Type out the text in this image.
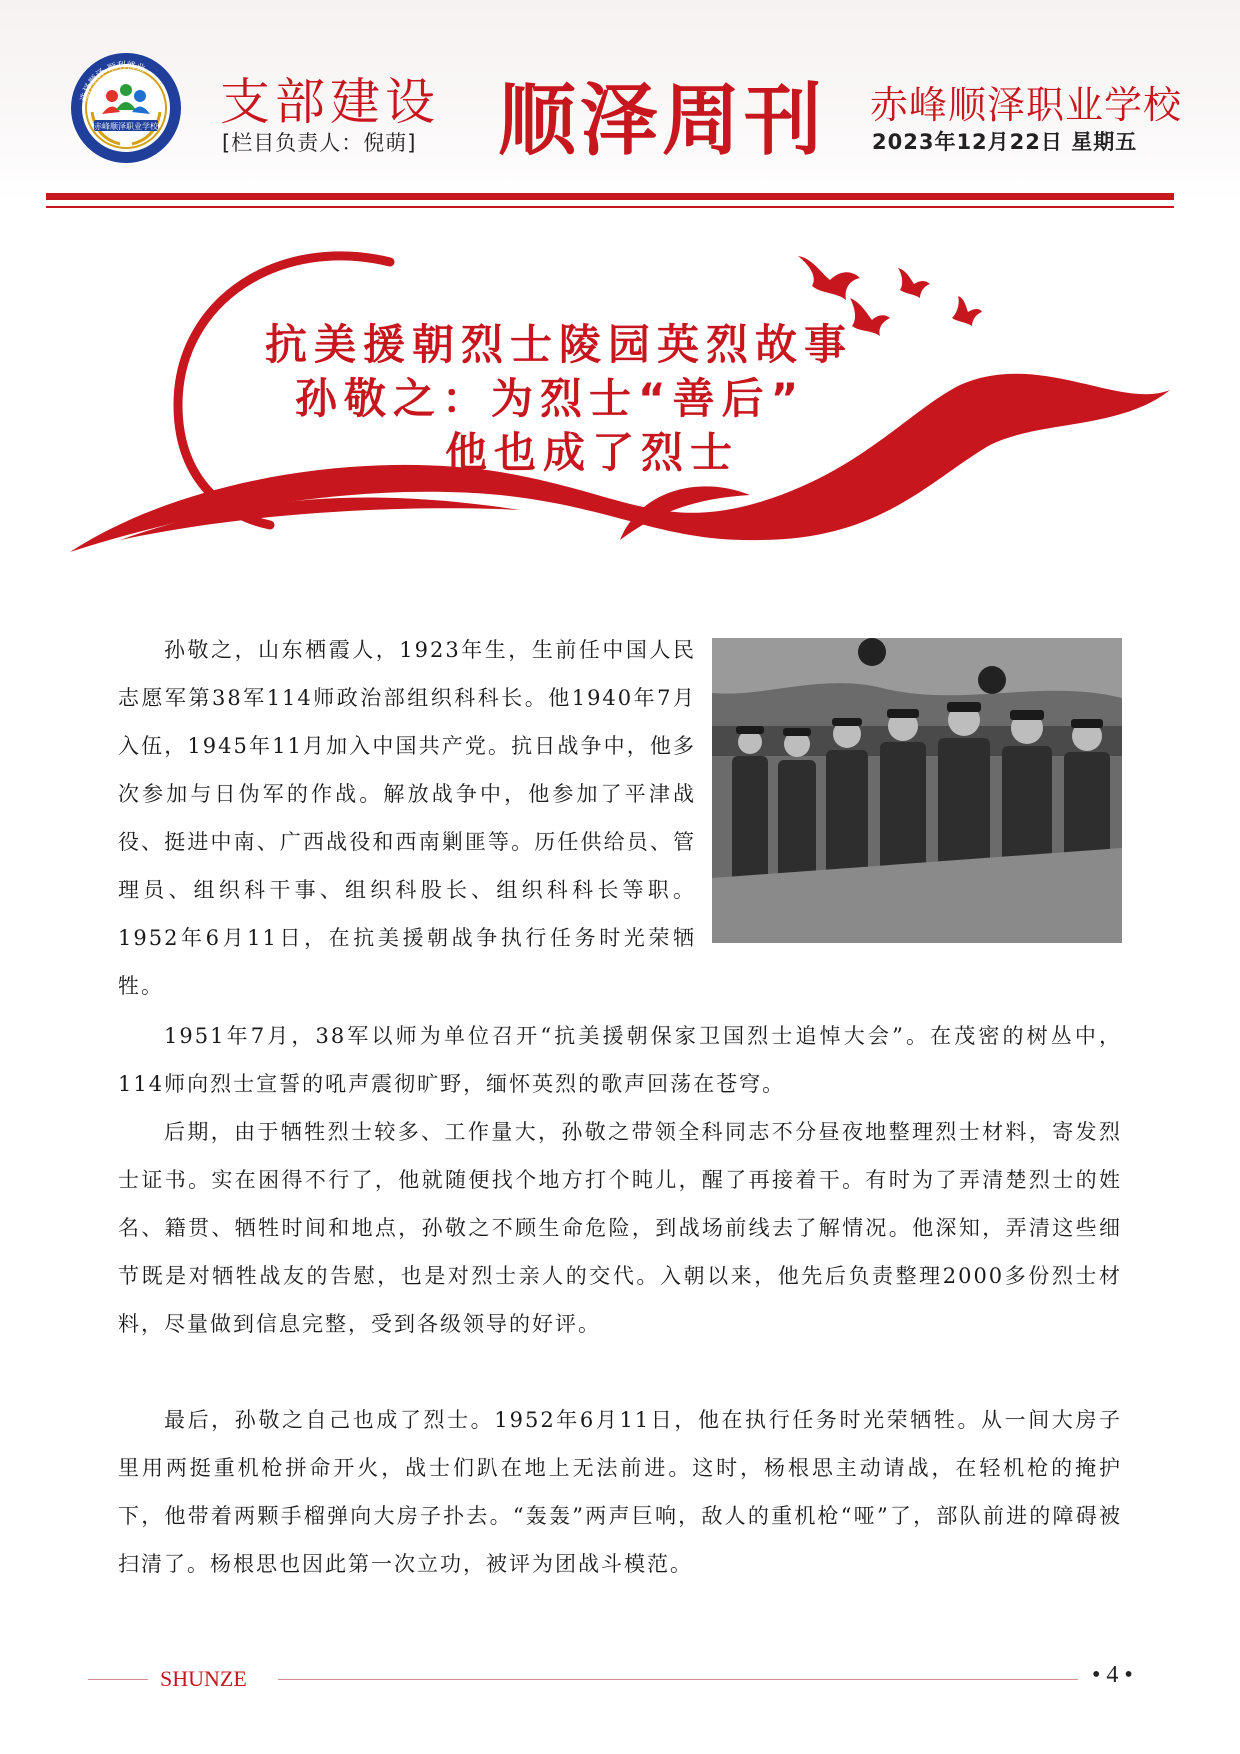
选择顺泽 顺利就业
赤峰顺泽职业学校 支部建设
[栏目负责人：倪萌]	顺泽周刊	赤峰顺泽职业学校
2023年12月22日 星期五
抗美援朝烈士陵园英烈故事
孙敬之：为烈士“善后”
他也成了烈士

孙敬之，山东栖霞人，1923年生，生前任中国人民志愿军第38军114师政治部组织科科长。他1940年7月入伍，1945年11月加入中国共产党。抗日战争中，他多次参加与日伪军的作战。解放战争中，他参加了平津战役、挺进中南、广西战役和西南剿匪等。历任供给员、管理员、组织科干事、组织科股长、组织科科长等职。1952年6月11日，在抗美援朝战争执行任务时光荣牺牲。

1951年7月，38军以师为单位召开“抗美援朝保家卫国烈士追悼大会”。在茂密的树丛中，114师向烈士宣誓的吼声震彻旷野，缅怀英烈的歌声回荡在苍穹。

后期，由于牺牲烈士较多、工作量大，孙敬之带领全科同志不分昼夜地整理烈士材料，寄发烈士证书。实在困得不行了，他就随便找个地方打个盹儿，醒了再接着干。有时为了弄清楚烈士的姓名、籍贯、牺牲时间和地点，孙敬之不顾生命危险，到战场前线去了解情况。他深知，弄清这些细节既是对牺牲战友的告慰，也是对烈士亲人的交代。入朝以来，他先后负责整理2000多份烈士材料，尽量做到信息完整，受到各级领导的好评。

最后，孙敬之自己也成了烈士。1952年6月11日，他在执行任务时光荣牺牲。从一间大房子里用两挺重机枪拼命开火，战士们趴在地上无法前进。这时，杨根思主动请战，在轻机枪的掩护下，他带着两颗手榴弹向大房子扑去。“轰轰”两声巨响，敌人的重机枪“哑”了，部队前进的障碍被扫清了。杨根思也因此第一次立功，被评为团战斗模范。

SHUNZE	• 4 •
